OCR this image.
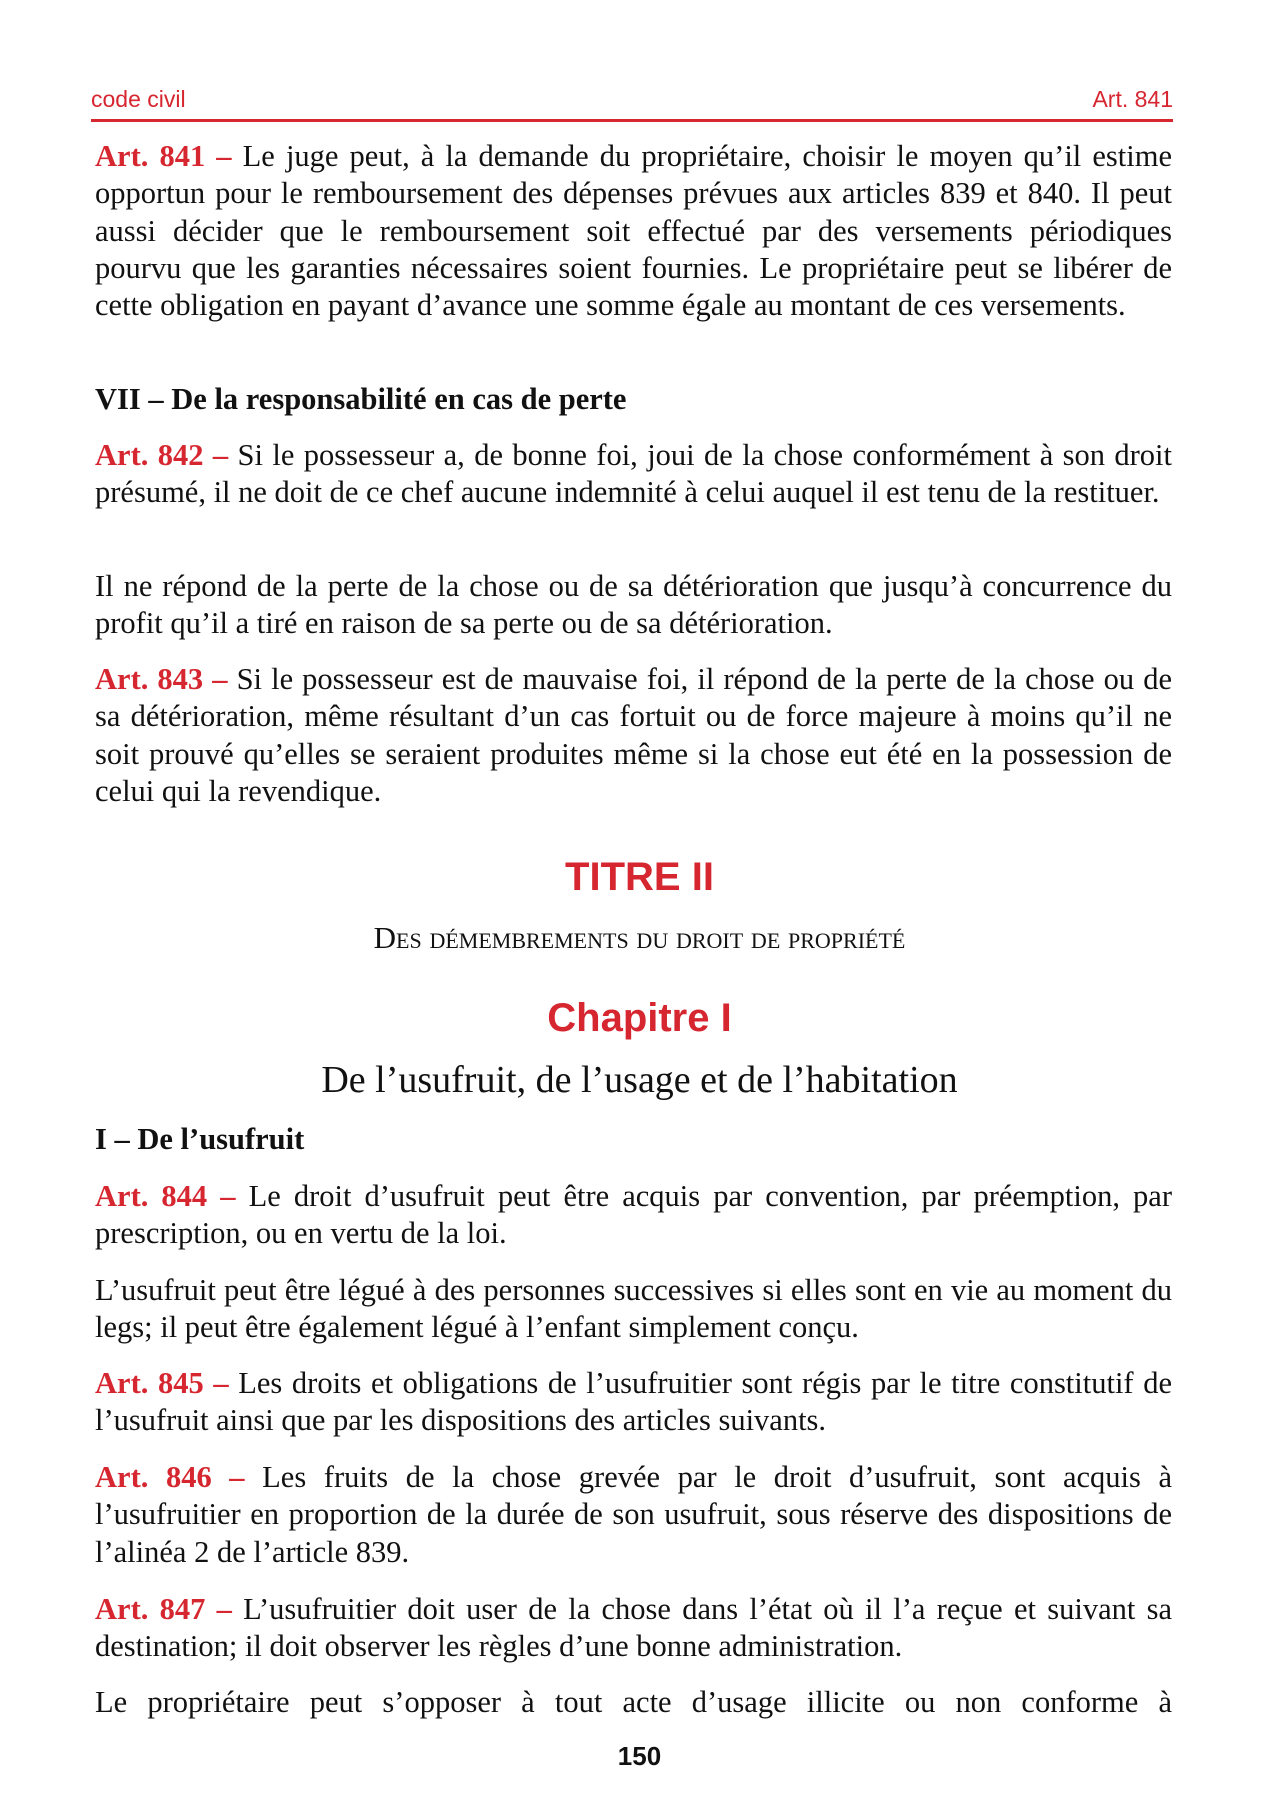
code civil	Art. 841

Art. 841 – Le juge peut, à la demande du propriétaire, choisir le moyen qu’il estime opportun pour le remboursement des dépenses prévues aux articles 839 et 840. Il peut aussi décider que le remboursement soit effectué par des versements périodiques pourvu que les garanties nécessaires soient fournies. Le propriétaire peut se libérer de cette obligation en payant d’avance une somme égale au montant de ces versements.

VII – De la responsabilité en cas de perte

Art. 842 – Si le possesseur a, de bonne foi, joui de la chose conformément à son droit présumé, il ne doit de ce chef aucune indemnité à celui auquel il est tenu de la restituer.

Il ne répond de la perte de la chose ou de sa détérioration que jusqu’à concurrence du profit qu’il a tiré en raison de sa perte ou de sa détérioration.

Art. 843 – Si le possesseur est de mauvaise foi, il répond de la perte de la chose ou de sa détérioration, même résultant d’un cas fortuit ou de force majeure à moins qu’il ne soit prouvé qu’elles se seraient produites même si la chose eut été en la possession de celui qui la revendique.

TITRE II
Des démembrements du droit de propriété
Chapitre I
De l’usufruit, de l’usage et de l’habitation

I – De l’usufruit

Art. 844 – Le droit d’usufruit peut être acquis par convention, par préemption, par prescription, ou en vertu de la loi.

L’usufruit peut être légué à des personnes successives si elles sont en vie au moment du legs; il peut être également légué à l’enfant simplement conçu.

Art. 845 – Les droits et obligations de l’usufruitier sont régis par le titre constitutif de l’usufruit ainsi que par les dispositions des articles suivants.

Art. 846 – Les fruits de la chose grevée par le droit d’usufruit, sont acquis à l’usufruitier en proportion de la durée de son usufruit, sous réserve des dispositions de l’alinéa 2 de l’article 839.

Art. 847 – L’usufruitier doit user de la chose dans l’état où il l’a reçue et suivant sa destination; il doit observer les règles d’une bonne administration.

Le propriétaire peut s’opposer à tout acte d’usage illicite ou non conforme à

150
